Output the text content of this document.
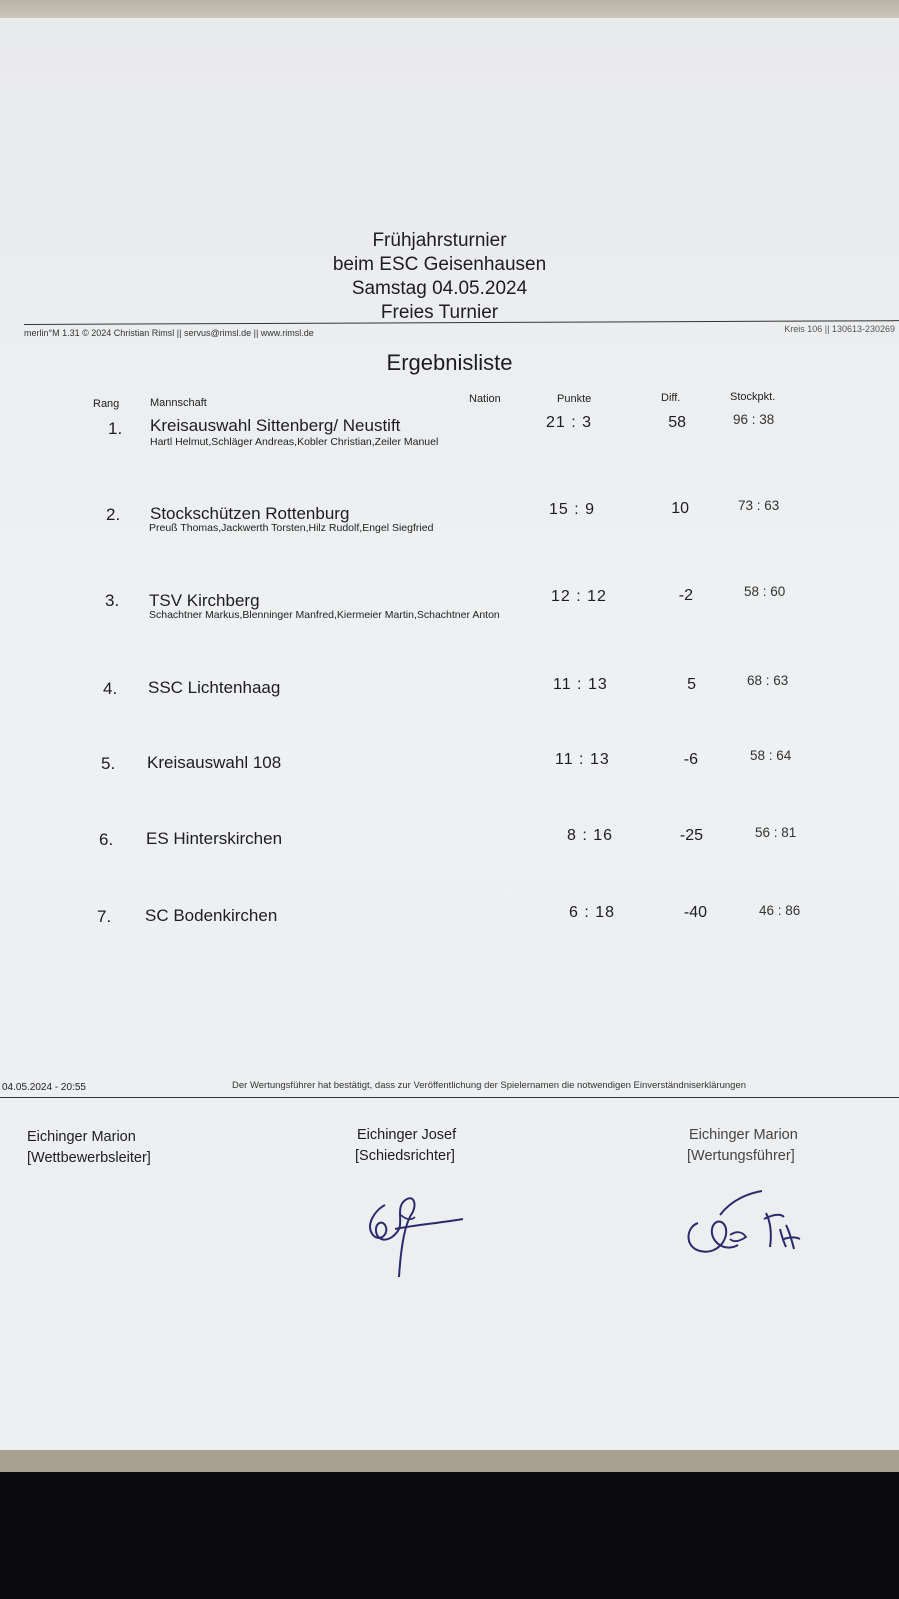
Frühjahrsturnier
beim ESC Geisenhausen
Samstag 04.05.2024
Freies Turnier
merlin°M 1.31 © 2024 Christian Rimsl || servus@rimsl.de || www.rimsl.de	Kreis 106 || 130613-230269
Ergebnisliste
Rang	Mannschaft	Nation	Punkte	Diff.	Stockpkt.
1. Kreisauswahl Sittenberg/ Neustift
Hartl Helmut,Schläger Andreas,Kobler Christian,Zeiler Manuel
21 : 3	58	96 : 38
2. Stockschützen Rottenburg
Preuß Thomas,Jackwerth Torsten,Hilz Rudolf,Engel Siegfried
15 : 9	10	73 : 63
3. TSV Kirchberg
Schachtner Markus,Blenninger Manfred,Kiermeier Martin,Schachtner Anton
12 : 12	-2	58 : 60
4. SSC Lichtenhaag	11 : 13	5	68 : 63
5. Kreisauswahl 108	11 : 13	-6	58 : 64
6. ES Hinterskirchen	8 : 16	-25	56 : 81
7. SC Bodenkirchen	6 : 18	-40	46 : 86
04.05.2024 - 20:55	Der Wertungsführer hat bestätigt, dass zur Veröffentlichung der Spielernamen die notwendigen Einverständniserklärungen
Eichinger Marion
[Wettbewerbsleiter]
Eichinger Josef
[Schiedsrichter]
Eichinger Marion
[Wertungsführer]
